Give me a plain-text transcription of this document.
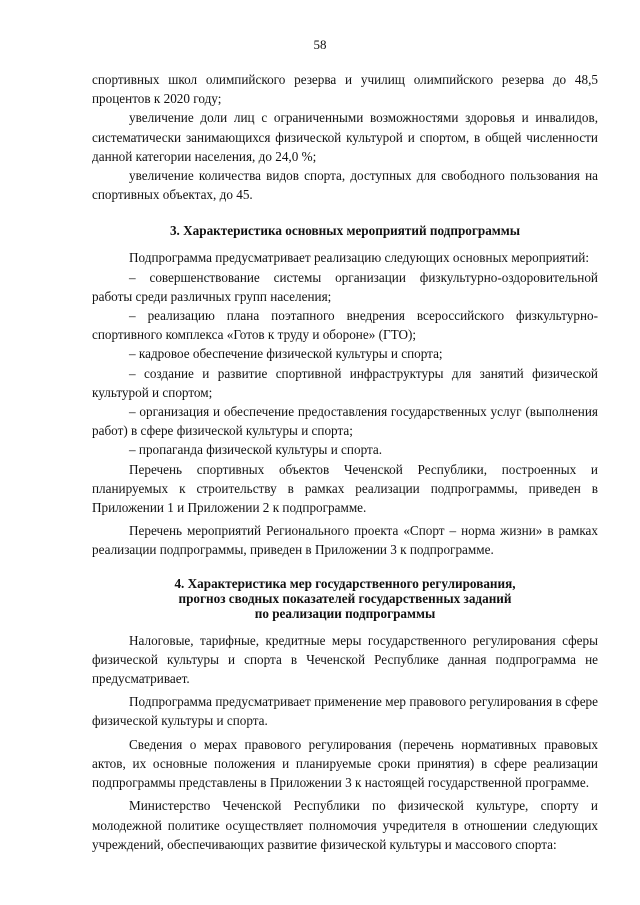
58

спортивных школ олимпийского резерва и училищ олимпийского резерва до 48,5 процентов к 2020 году;

увеличение доли лиц с ограниченными возможностями здоровья и инвалидов, систематически занимающихся физической культурой и спортом, в общей численности данной категории населения, до 24,0 %;

увеличение количества видов спорта, доступных для свободного пользования на спортивных объектах, до 45.

3. Характеристика основных мероприятий подпрограммы

Подпрограмма предусматривает реализацию следующих основных мероприятий:

– совершенствование системы организации физкультурно-оздоровительной работы среди различных групп населения;

– реализацию плана поэтапного внедрения всероссийского физкультурно-спортивного комплекса «Готов к труду и обороне» (ГТО);

– кадровое обеспечение физической культуры и спорта;

– создание и развитие спортивной инфраструктуры для занятий физической культурой и спортом;

– организация и обеспечение предоставления государственных услуг (выполнения работ) в сфере физической культуры и спорта;

– пропаганда физической культуры и спорта.

Перечень спортивных объектов Чеченской Республики, построенных и планируемых к строительству в рамках реализации подпрограммы, приведен в Приложении 1 и Приложении 2 к подпрограмме.

Перечень мероприятий Регионального проекта «Спорт – норма жизни» в рамках реализации подпрограммы, приведен в Приложении 3 к подпрограмме.

4. Характеристика мер государственного регулирования,

прогноз сводных показателей государственных заданий

по реализации подпрограммы

Налоговые, тарифные, кредитные меры государственного регулирования сферы физической культуры и спорта в Чеченской Республике данная подпрограмма не предусматривает.

Подпрограмма предусматривает применение мер правового регулирования в сфере физической культуры и спорта.

Сведения о мерах правового регулирования (перечень нормативных правовых актов, их основные положения и планируемые сроки принятия) в сфере реализации подпрограммы представлены в Приложении 3 к настоящей государственной программе.

Министерство Чеченской Республики по физической культуре, спорту и молодежной политике осуществляет полномочия учредителя в отношении следующих учреждений, обеспечивающих развитие физической культуры и массового спорта:
